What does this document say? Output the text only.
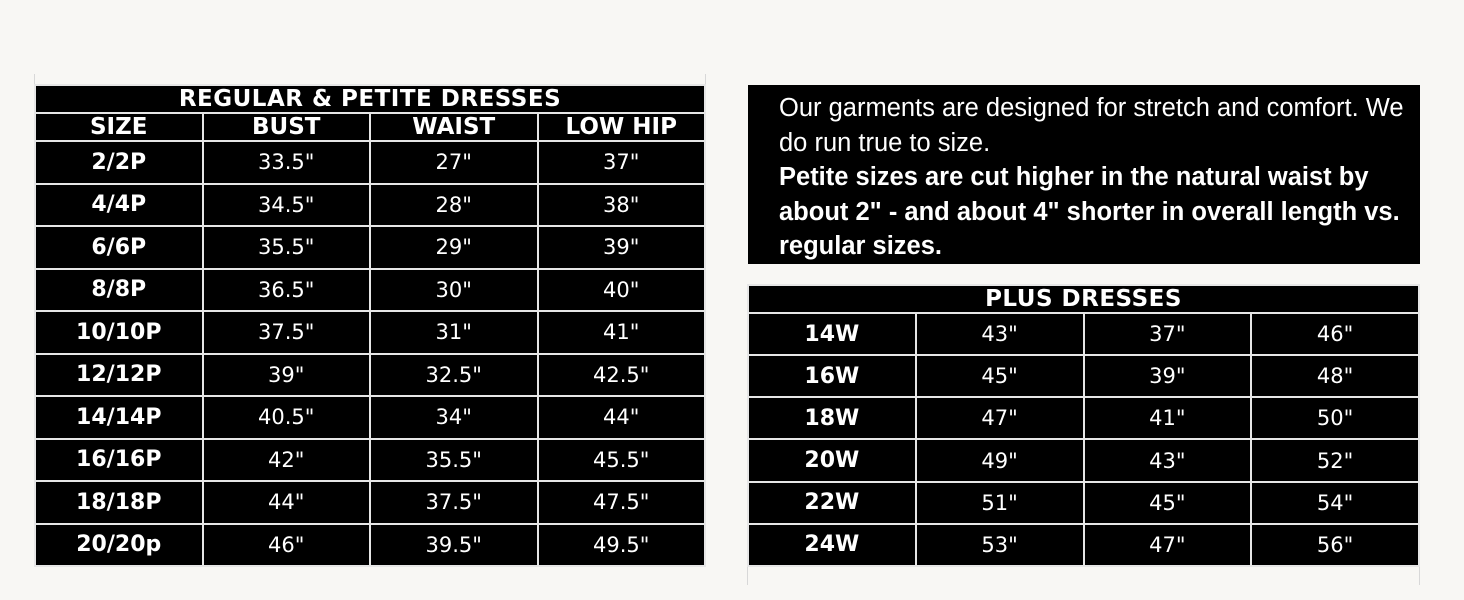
REGULAR & PETITE DRESSES			
SIZE	BUST	WAIST	LOW HIP
2/2P	33.5"	27"	37"
4/4P	34.5"	28"	38"
6/6P	35.5"	29"	39"
8/8P	36.5"	30"	40"
10/10P	37.5"	31"	41"
12/12P	39"	32.5"	42.5"
14/14P	40.5"	34"	44"
16/16P	42"	35.5"	45.5"
18/18P	44"	37.5"	47.5"
20/20p	46"	39.5"	49.5"

Our garments are designed for stretch and comfort. We do run true to size.
Petite sizes are cut higher in the natural waist by about 2" - and about 4" shorter in overall length vs. regular sizes.

PLUS DRESSES			
14W	43"	37"	46"
16W	45"	39"	48"
18W	47"	41"	50"
20W	49"	43"	52"
22W	51"	45"	54"
24W	53"	47"	56"
